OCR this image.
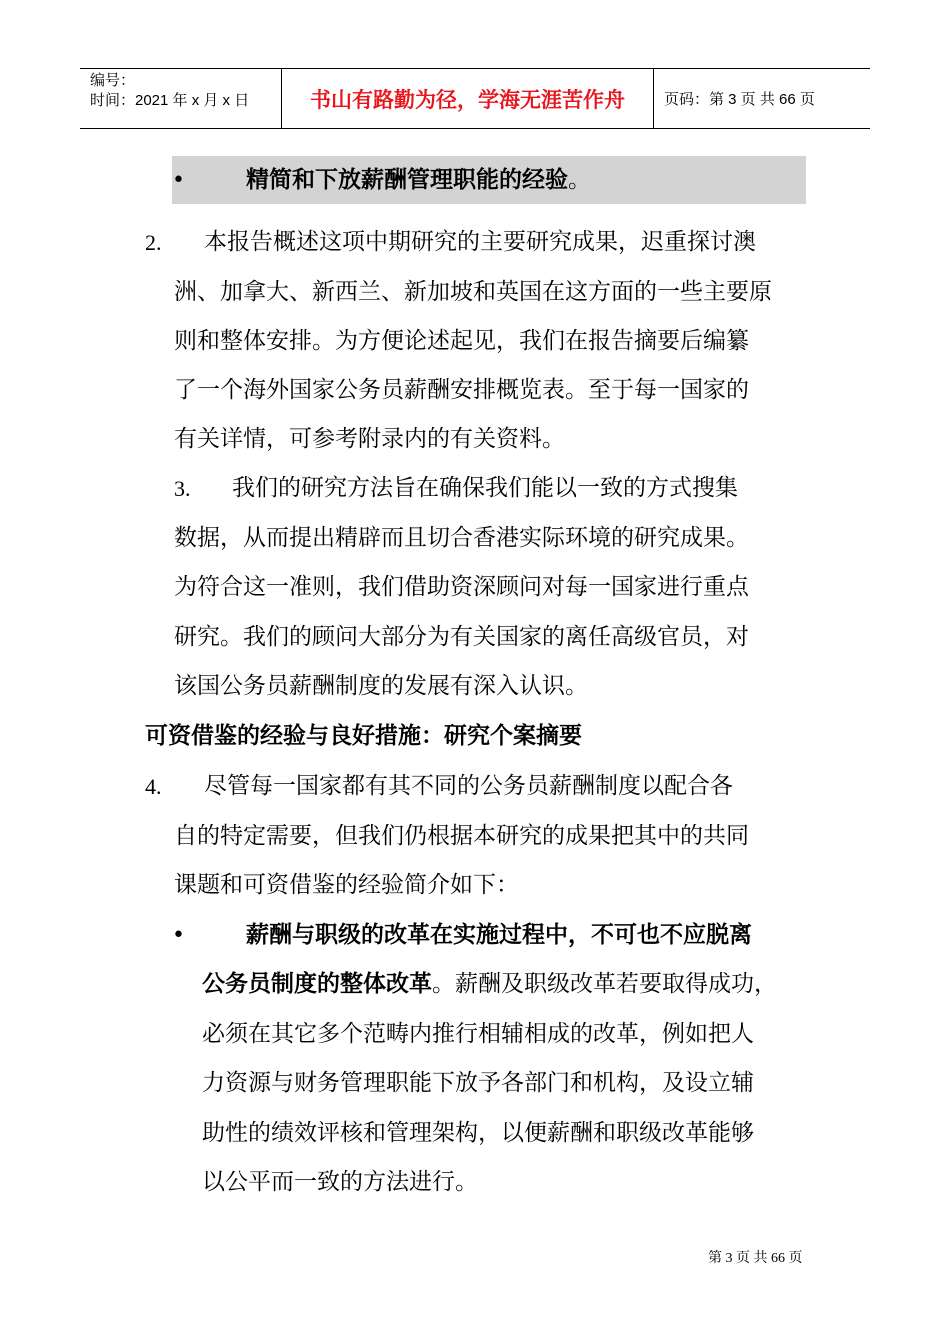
编号：
时间：2021 年 x 月 x 日	书山有路勤为径，学海无涯苦作舟	页码：第 3 页 共 66 页
•	精简和下放薪酬管理职能的经验。
2. 本报告概述这项中期研究的主要研究成果，迟重探讨澳
洲、加拿大、新西兰、新加坡和英国在这方面的一些主要原
则和整体安排。为方便论述起见，我们在报告摘要后编纂
了一个海外国家公务员薪酬安排概览表。至于每一国家的
有关详情，可参考附录内的有关资料。
3. 我们的研究方法旨在确保我们能以一致的方式搜集
数据，从而提出精辟而且切合香港实际环境的研究成果。
为符合这一准则，我们借助资深顾问对每一国家进行重点
研究。我们的顾问大部分为有关国家的离任高级官员，对
该国公务员薪酬制度的发展有深入认识。
可资借鉴的经验与良好措施：研究个案摘要
4. 尽管每一国家都有其不同的公务员薪酬制度以配合各
自的特定需要，但我们仍根据本研究的成果把其中的共同
课题和可资借鉴的经验简介如下：
•	薪酬与职级的改革在实施过程中，不可也不应脱离
公务员制度的整体改革。薪酬及职级改革若要取得成功，
必须在其它多个范畴内推行相辅相成的改革，例如把人
力资源与财务管理职能下放予各部门和机构，及设立辅
助性的绩效评核和管理架构，以便薪酬和职级改革能够
以公平而一致的方法进行。
第 3 页 共 66 页
